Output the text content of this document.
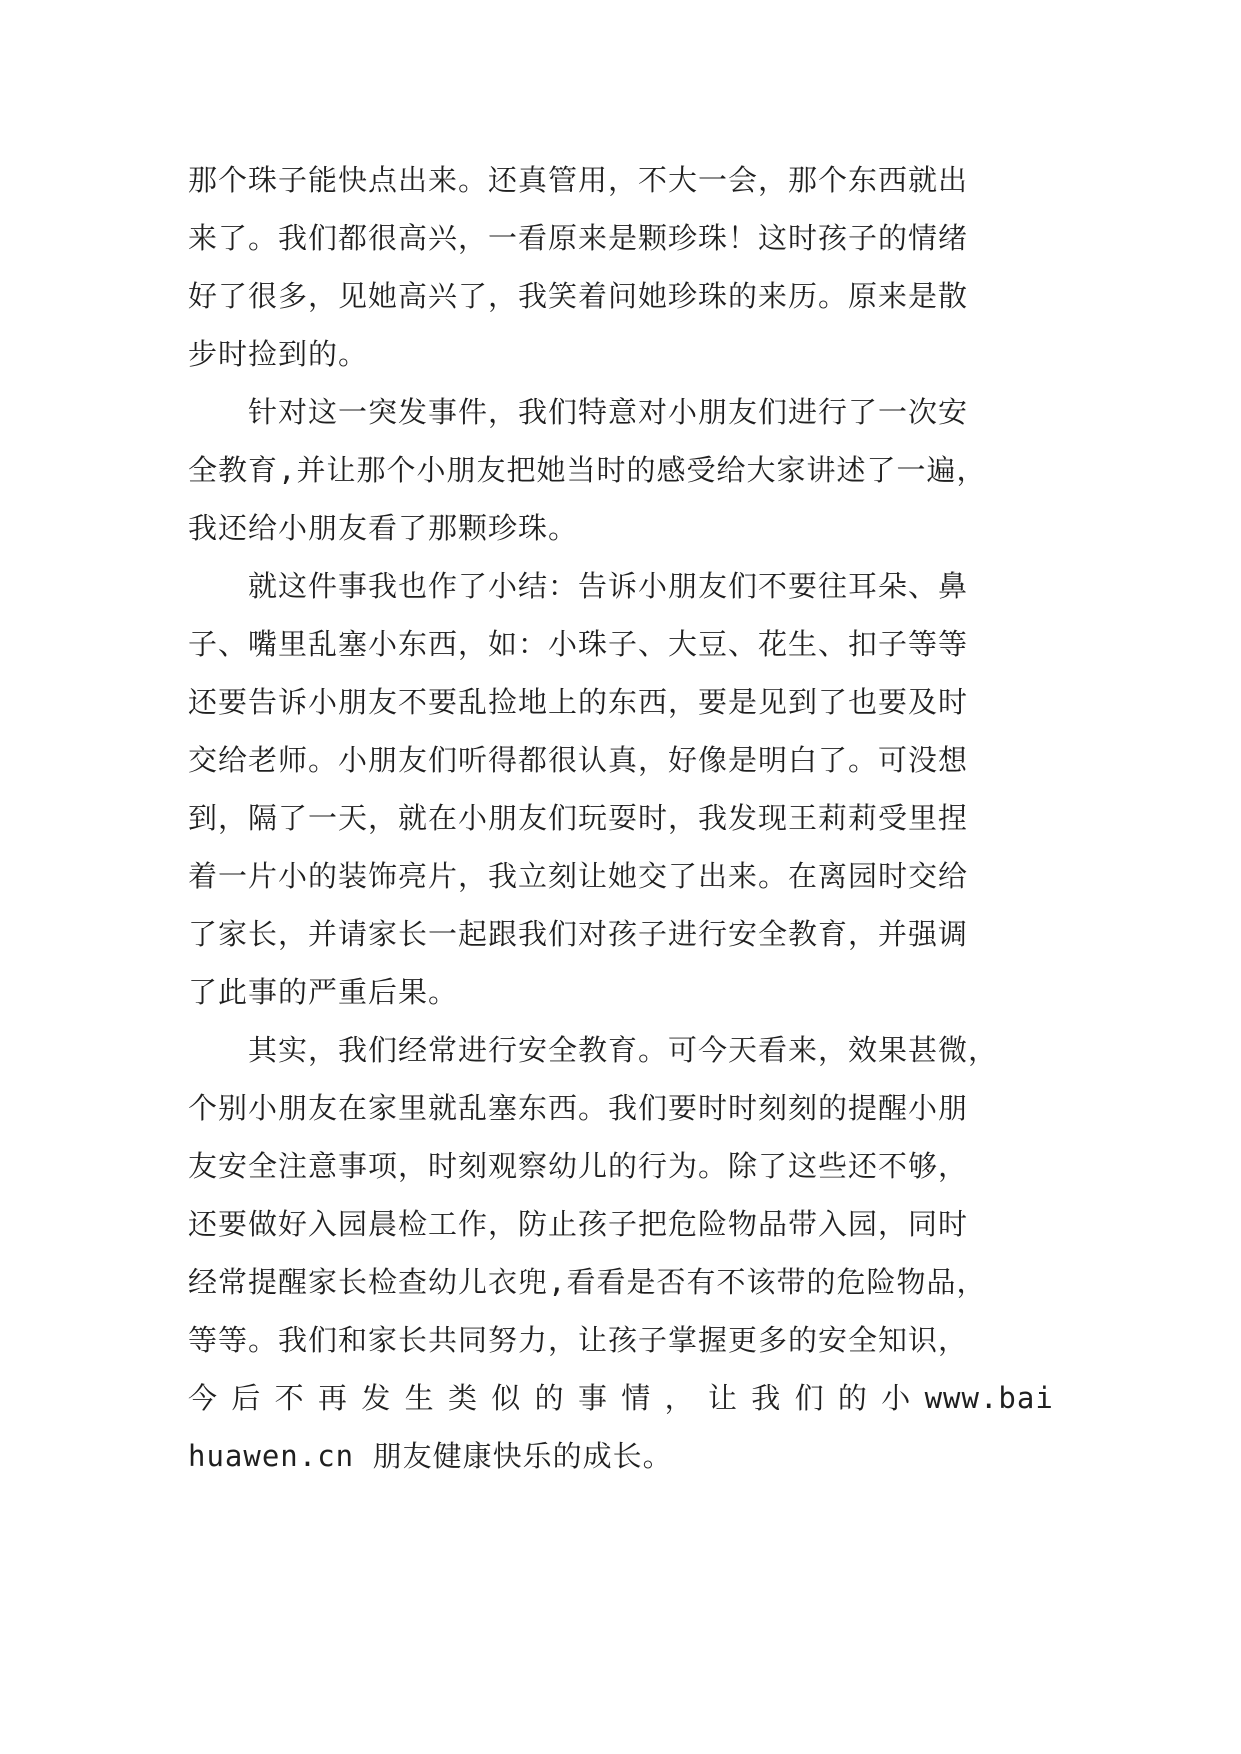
那个珠子能快点出来。还真管用，不大一会，那个东西就出
来了。我们都很高兴，一看原来是颗珍珠！这时孩子的情绪
好了很多，见她高兴了，我笑着问她珍珠的来历。原来是散
步时捡到的。
　　针对这一突发事件，我们特意对小朋友们进行了一次安
全教育,并让那个小朋友把她当时的感受给大家讲述了一遍，
我还给小朋友看了那颗珍珠。
　　就这件事我也作了小结：告诉小朋友们不要往耳朵、鼻
子、嘴里乱塞小东西，如：小珠子、大豆、花生、扣子等等
还要告诉小朋友不要乱捡地上的东西，要是见到了也要及时
交给老师。小朋友们听得都很认真，好像是明白了。可没想
到，隔了一天，就在小朋友们玩耍时，我发现王莉莉受里捏
着一片小的装饰亮片，我立刻让她交了出来。在离园时交给
了家长，并请家长一起跟我们对孩子进行安全教育，并强调
了此事的严重后果。
　　其实，我们经常进行安全教育。可今天看来，效果甚微，
个别小朋友在家里就乱塞东西。我们要时时刻刻的提醒小朋
友安全注意事项，时刻观察幼儿的行为。除了这些还不够，
还要做好入园晨检工作，防止孩子把危险物品带入园，同时
经常提醒家长检查幼儿衣兜,看看是否有不该带的危险物品，
等等。我们和家长共同努力，让孩子掌握更多的安全知识，
今 后 不 再 发 生 类 似 的 事 情 ， 让 我 们 的 小 www.bai
huawen.cn 朋友健康快乐的成长。
